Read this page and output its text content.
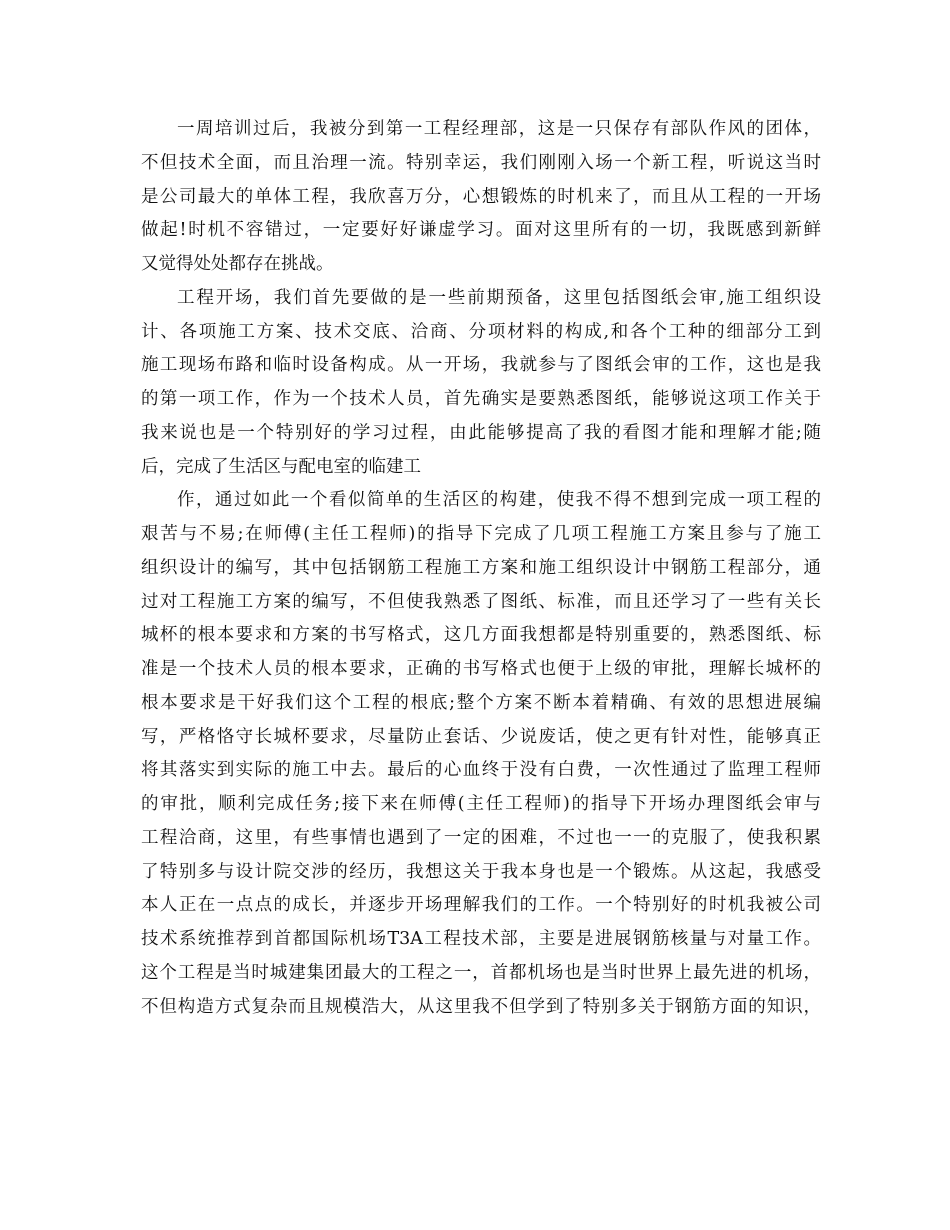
一周培训过后，我被分到第一工程经理部，这是一只保存有部队作风的团体，
不但技术全面，而且治理一流。特别幸运，我们刚刚入场一个新工程，听说这当时
是公司最大的单体工程，我欣喜万分，心想锻炼的时机来了，而且从工程的一开场
做起!时机不容错过，一定要好好谦虚学习。面对这里所有的一切，我既感到新鲜
又觉得处处都存在挑战。
工程开场，我们首先要做的是一些前期预备，这里包括图纸会审,施工组织设
计、各项施工方案、技术交底、洽商、分项材料的构成,和各个工种的细部分工到
施工现场布路和临时设备构成。从一开场，我就参与了图纸会审的工作，这也是我
的第一项工作，作为一个技术人员，首先确实是要熟悉图纸，能够说这项工作关于
我来说也是一个特别好的学习过程，由此能够提高了我的看图才能和理解才能;随
后，完成了生活区与配电室的临建工
作，通过如此一个看似简单的生活区的构建，使我不得不想到完成一项工程的
艰苦与不易;在师傅(主任工程师)的指导下完成了几项工程施工方案且参与了施工
组织设计的编写，其中包括钢筋工程施工方案和施工组织设计中钢筋工程部分，通
过对工程施工方案的编写，不但使我熟悉了图纸、标准，而且还学习了一些有关长
城杯的根本要求和方案的书写格式，这几方面我想都是特别重要的，熟悉图纸、标
准是一个技术人员的根本要求，正确的书写格式也便于上级的审批，理解长城杯的
根本要求是干好我们这个工程的根底;整个方案不断本着精确、有效的思想进展编
写，严格恪守长城杯要求，尽量防止套话、少说废话，使之更有针对性，能够真正
将其落实到实际的施工中去。最后的心血终于没有白费，一次性通过了监理工程师
的审批，顺利完成任务;接下来在师傅(主任工程师)的指导下开场办理图纸会审与
工程洽商，这里，有些事情也遇到了一定的困难，不过也一一的克服了，使我积累
了特别多与设计院交涉的经历，我想这关于我本身也是一个锻炼。从这起，我感受
本人正在一点点的成长，并逐步开场理解我们的工作。一个特别好的时机我被公司
技术系统推荐到首都国际机场T3A工程技术部，主要是进展钢筋核量与对量工作。
这个工程是当时城建集团最大的工程之一，首都机场也是当时世界上最先进的机场，
不但构造方式复杂而且规模浩大，从这里我不但学到了特别多关于钢筋方面的知识，
